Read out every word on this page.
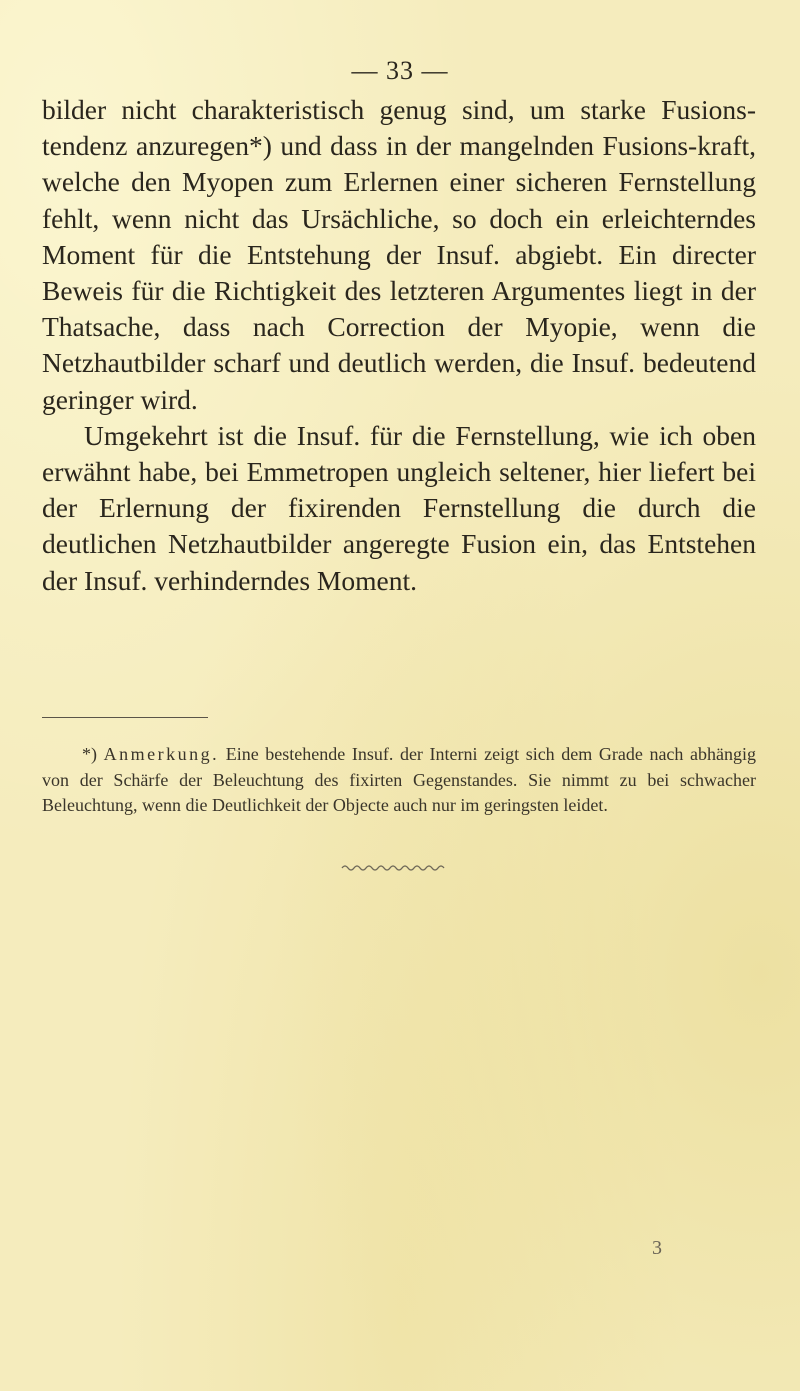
— 33 —

bilder nicht charakteristisch genug sind, um starke Fusions-tendenz anzuregen*) und dass in der mangelnden Fusions-kraft, welche den Myopen zum Erlernen einer sicheren Fernstellung fehlt, wenn nicht das Ursächliche, so doch ein erleichterndes Moment für die Entstehung der Insuf. abgiebt. Ein directer Beweis für die Richtigkeit des letzteren Argumentes liegt in der Thatsache, dass nach Correction der Myopie, wenn die Netzhautbilder scharf und deutlich werden, die Insuf. bedeutend geringer wird.

Umgekehrt ist die Insuf. für die Fernstellung, wie ich oben erwähnt habe, bei Emmetropen ungleich seltener, hier liefert bei der Erlernung der fixirenden Fernstellung die durch die deutlichen Netzhautbilder angeregte Fusion ein, das Entstehen der Insuf. verhinderndes Moment.

*) Anmerkung. Eine bestehende Insuf. der Interni zeigt sich dem Grade nach abhängig von der Schärfe der Beleuchtung des fixirten Gegenstandes. Sie nimmt zu bei schwacher Beleuchtung, wenn die Deutlichkeit der Objecte auch nur im geringsten leidet.
3
